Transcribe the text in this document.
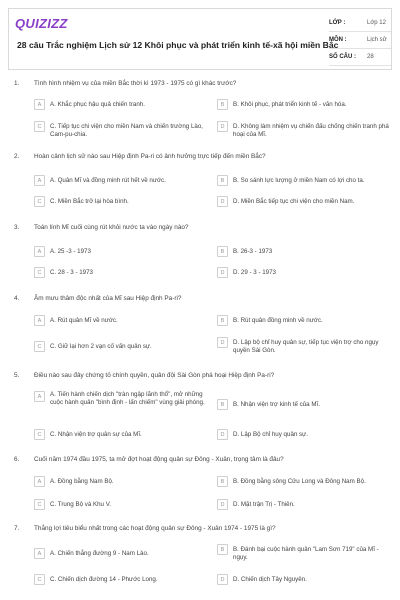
QUIZIZZ
28 câu Trắc nghiệm Lịch sử 12 Khôi phục và phát triển kinh tế-xã hội miền Bắc
LỚP :	Lớp 12
MÔN :	Lịch sử
SỐ CÂU : 28
1. Tình hình nhiệm vụ của miền Bắc thời kì 1973 - 1975 có gì khác trước?
A	A. Khắc phục hậu quả chiến tranh.	B	B. Khôi phục, phát triển kinh tế - văn hóa.
C	C. Tiếp tục chi viện cho miền Nam và chiến trường Lào, Cam-pu-chia.
D	D. Không làm nhiệm vụ chiến đấu chống chiến tranh phá hoại của Mĩ.
2. Hoàn cảnh lịch sử nào sau Hiệp định Pa-ri có ảnh hưởng trực tiếp đến miền Bắc?
A	A. Quân Mĩ và đồng minh rút hết về nước.	B	B. So sánh lực lượng ở miền Nam có lợi cho ta.
C	C. Miền Bắc trở lại hòa bình.	D	D. Miền Bắc tiếp tục chi viện cho miền Nam.
3. Toán lính Mĩ cuối cùng rút khỏi nước ta vào ngày nào?
A	A. 25 -3 - 1973	B	B. 26-3 - 1973
C	C. 28 - 3 - 1973	D	D. 29 - 3 - 1973
4. Âm mưu thâm độc nhất của Mĩ sau Hiệp định Pa-ri?
A	A. Rút quân Mĩ về nước.	B	B. Rút quân đồng minh về nước.
C	C. Giữ lại hơn 2 vạn cố vấn quân sự.	D	D. Lập bộ chỉ huy quân sự, tiếp tục viện trợ cho ngụy quyền Sài Gòn.
5. Điều nào sau đây chứng tỏ chính quyền, quân đội Sài Gòn phá hoại Hiệp định Pa-ri?
A	A. Tiến hành chiến dịch "tràn ngập lãnh thổ", mở những cuộc hành quân "bình định - lấn chiếm" vùng giải phóng.	B	B. Nhận viện trợ kinh tế của Mĩ.
C	C. Nhận viện trợ quân sự của Mĩ.	D	D. Lập Bộ chỉ huy quân sự.
6. Cuối năm 1974 đầu 1975, ta mở đợt hoạt động quân sự Đông - Xuân, trọng tâm là đâu?
A	A. Đồng bằng Nam Bộ.	B	B. Đồng bằng sông Cửu Long và Đông Nam Bộ.
C	C. Trung Bộ và Khu V.	D	D. Mặt trận Trị - Thiên.
7. Thắng lợi tiêu biểu nhất trong các hoạt động quân sự Đông - Xuân 1974 - 1975 là gì?
A	A. Chiến thắng đường 9 - Nam Lào.	B	B. Đánh bại cuộc hành quân "Lam Sơn 719" của Mĩ - ngụy.
C	C. Chiến dịch đường 14 - Phước Long.	D	D. Chiến dịch Tây Nguyên.
